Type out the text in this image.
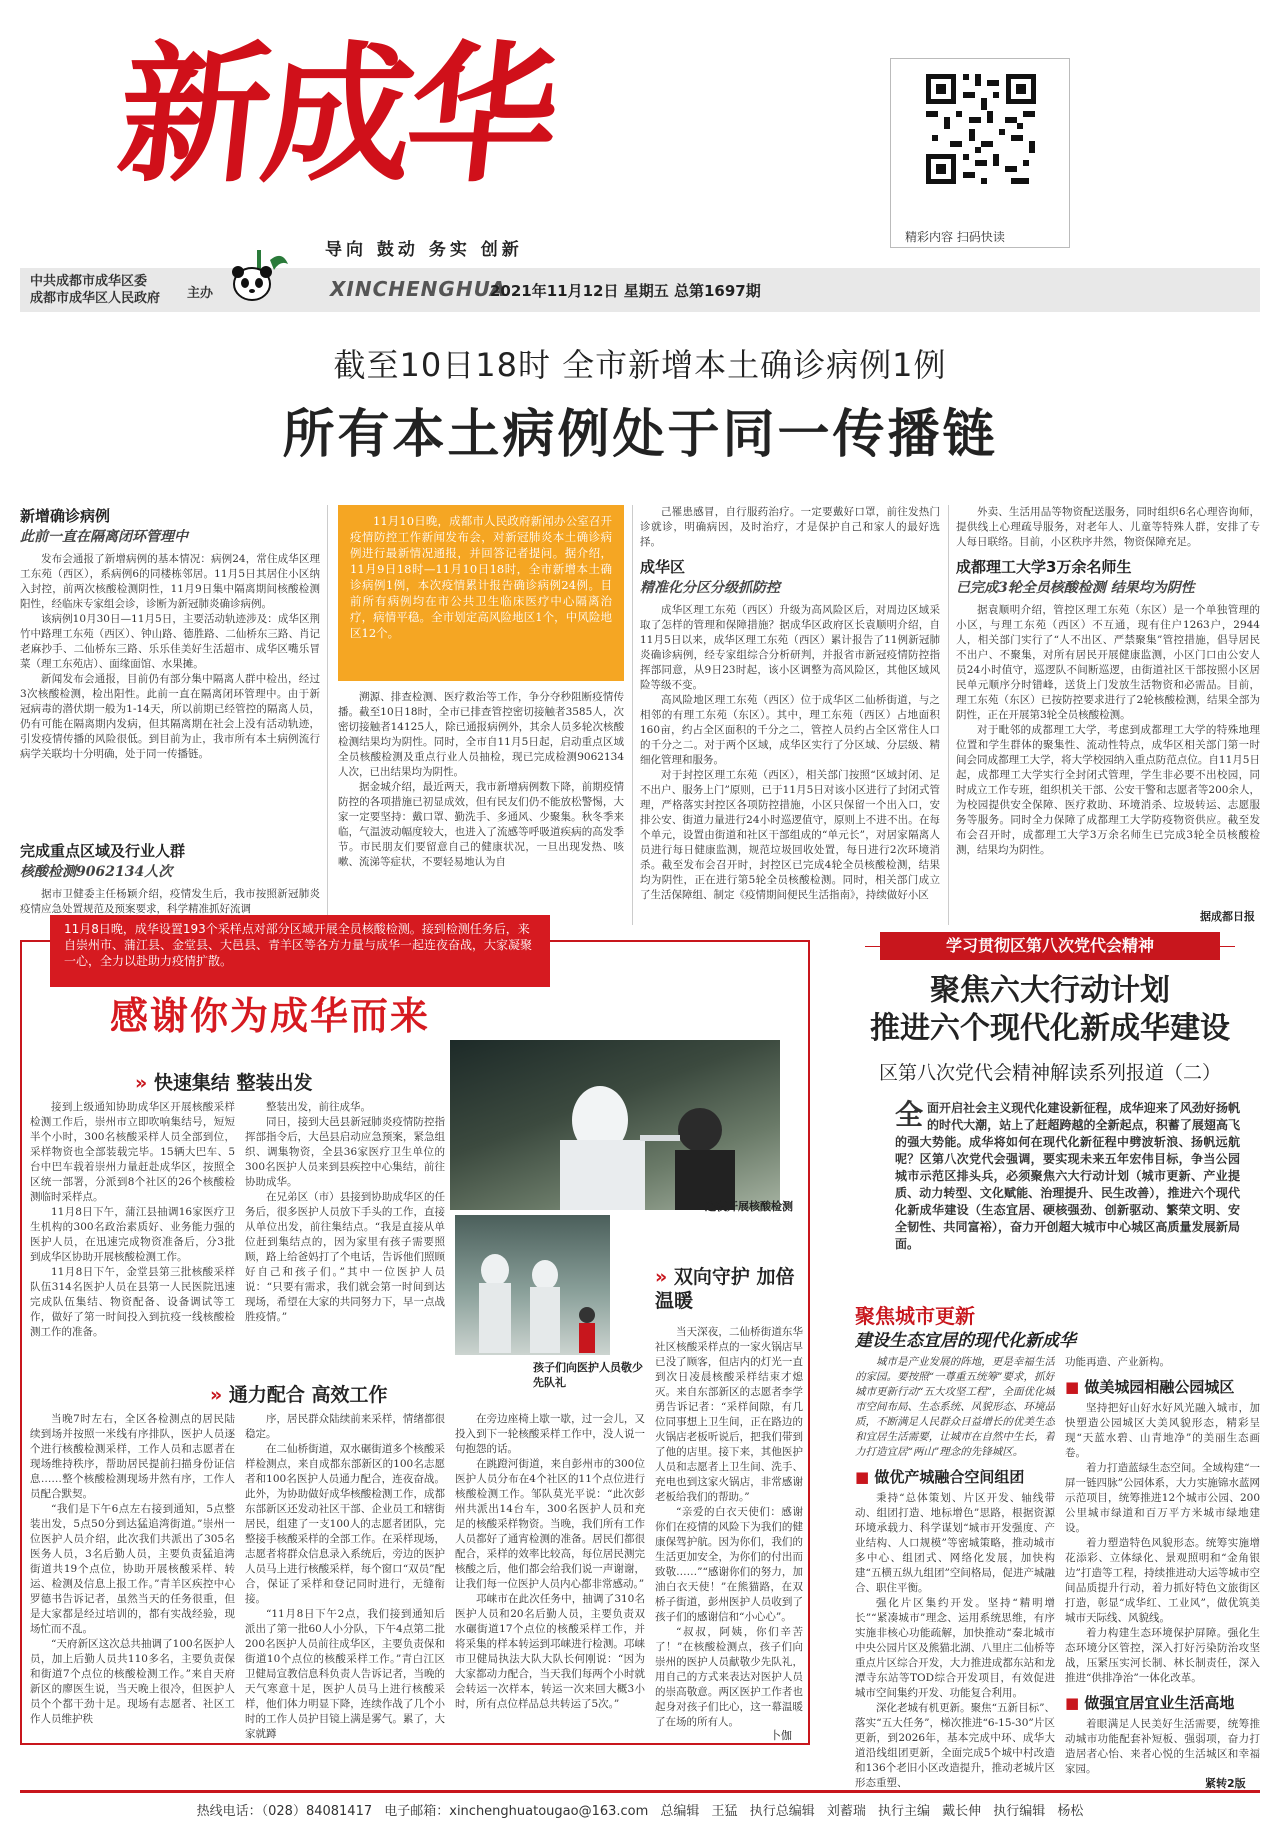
新成华
导向 鼓动 务实 创新
精彩内容 扫码快读
中共成都市成华区委
成都市成华区人民政府 主办	XINCHENGHUA
2021年11月12日 星期五 总第1697期
截至10日18时 全市新增本土确诊病例1例
所有本土病例处于同一传播链
新增确诊病例
此前一直在隔离闭环管理中

发布会通报了新增病例的基本情况：病例24，常住成华区理工东苑（西区），系病例6的同楼栋邻居。11月5日其居住小区纳入封控，前两次核酸检测阴性，11月9日集中隔离期间核酸检测阳性，经临床专家组会诊，诊断为新冠肺炎确诊病例。

该病例10月30日—11月5日，主要活动轨迹涉及：成华区荆竹中路理工东苑（西区）、钟山路、德胜路、二仙桥东三路、肖记老麻抄手、二仙桥东三路、乐乐佳美好生活超市、成华区嘴乐冒菜（理工东苑店）、面缘面馆、水果摊。

新闻发布会通报，目前仍有部分集中隔离人群中检出，经过3次核酸检测，检出阳性。此前一直在隔离闭环管理中。由于新冠病毒的潜伏期一般为1-14天，所以前期已经管控的隔离人员，仍有可能在隔离期内发病，但其隔离期在社会上没有活动轨迹，引发疫情传播的风险很低。到目前为止，我市所有本土病例流行病学关联均十分明确，处于同一传播链。

完成重点区域及行业人群
核酸检测9062134人次

据市卫健委主任杨颖介绍，疫情发生后，我市按照新冠肺炎疫情应急处置规范及预案要求，科学精准抓好流调

11月10日晚，成都市人民政府新闻办公室召开疫情防控工作新闻发布会，对新冠肺炎本土确诊病例进行最新情况通报，并回答记者提问。据介绍，11月9日18时—11月10日18时，全市新增本土确诊病例1例，本次疫情累计报告确诊病例24例。目前所有病例均在市公共卫生临床医疗中心隔离治疗，病情平稳。全市划定高风险地区1个，中风险地区12个。

溯源、排查检测、医疗救治等工作，争分夺秒阻断疫情传播。截至10日18时，全市已排查管控密切接触者3585人，次密切接触者14125人，除已通报病例外，其余人员多轮次核酸检测结果均为阴性。同时，全市自11月5日起，启动重点区域全员核酸检测及重点行业人员抽检，现已完成检测9062134人次，已出结果均为阴性。

据金城介绍，最近两天，我市新增病例数下降，前期疫情防控的各项措施已初显成效，但有民友们仍不能放松警惕，大家一定要坚持：戴口罩、勤洗手、多通风、少聚集。秋冬季来临，气温波动幅度较大，也进入了流感等呼吸道疾病的高发季节。市民朋友们要留意自己的健康状况，一旦出现发热、咳嗽、流涕等症状，不要轻易地认为自

己罹患感冒，自行服药治疗。一定要戴好口罩，前往发热门诊就诊，明确病因，及时治疗，才是保护自己和家人的最好选择。

成华区
精准化分区分级抓防控

成华区理工东苑（西区）升级为高风险区后，对周边区域采取了怎样的管理和保障措施？据成华区政府区长袁顺明介绍，自11月5日以来，成华区理工东苑（西区）累计报告了11例新冠肺炎确诊病例，经专家组综合分析研判，并报省市新冠疫情防控指挥部同意，从9日23时起，该小区调整为高风险区，其他区域风险等级不变。

高风险地区理工东苑（西区）位于成华区二仙桥街道，与之相邻的有理工东苑（东区）。其中，理工东苑（西区）占地面积160亩，约占全区面积的千分之二，管控人员约占全区常住人口的千分之二。对于两个区域，成华区实行了分区域、分层级、精细化管理和服务。

对于封控区理工东苑（西区），相关部门按照“区域封闭、足不出户、服务上门”原则，已于11月5日对该小区进行了封闭式管理，严格落实封控区各项防控措施，小区只保留一个出入口，安排公安、街道力量进行24小时巡逻值守，原则上不进不出。在每个单元，设置由街道和社区干部组成的“单元长”，对居家隔离人员进行每日健康监测，规范垃圾回收处置，每日进行2次环境消杀。截至发布会召开时，封控区已完成4轮全员核酸检测，结果均为阴性，正在进行第5轮全员核酸检测。同时，相关部门成立了生活保障组、制定《疫情期间便民生活指南》，持续做好小区

外卖、生活用品等物资配送服务，同时组织6名心理咨询师，提供线上心理疏导服务，对老年人、儿童等特殊人群，安排了专人每日联络。目前，小区秩序井然，物资保障充足。

成都理工大学3万余名师生
已完成3轮全员核酸检测 结果均为阴性

据袁顺明介绍，管控区理工东苑（东区）是一个单独管理的小区，与理工东苑（西区）不互通，现有住户1263户，2944人，相关部门实行了“人不出区、严禁聚集”管控措施，倡导居民不出户、不聚集，对所有居民开展健康监测，小区门口由公安人员24小时值守，巡逻队不间断巡逻，由街道社区干部按照小区居民单元顺序分时错峰，送货上门发放生活物资和必需品。目前，理工东苑（东区）已按防控要求进行了2轮核酸检测，结果全部为阴性，正在开展第3轮全员核酸检测。

对于毗邻的成都理工大学，考虑到成都理工大学的特殊地理位置和学生群体的聚集性、流动性特点，成华区相关部门第一时间会同成都理工大学，将大学校园纳入重点防范点位。自11月5日起，成都理工大学实行全封闭式管理，学生非必要不出校园，同时成立工作专班，组织机关干部、公安干警和志愿者等200余人，为校园提供安全保障、医疗救助、环境消杀、垃圾转运、志愿服务等服务。同时全力保障了成都理工大学防疫物资供应。截至发布会召开时，成都理工大学3万余名师生已完成3轮全员核酸检测，结果均为阴性。

据成都日报
11月8日晚，成华设置193个采样点对部分区域开展全员核酸检测。接到检测任务后，来自崇州市、蒲江县、金堂县、大邑县、青羊区等各方力量与成华一起连夜奋战，大家凝聚一心，全力以赴助力疫情扩散。
感谢你为成华而来
» 快速集结 整装出发

接到上级通知协助成华区开展核酸采样检测工作后，崇州市立即吹响集结号，短短半个小时，300名核酸采样人员全部到位，采样物资也全部装载完毕。15辆大巴车、5台中巴车载着崇州力量赶赴成华区，按照全区统一部署，分派到8个社区的26个核酸检测临时采样点。

11月8日下午，蒲江县抽调16家医疗卫生机构的300名政治素质好、业务能力强的医护人员，在迅速完成物资准备后，分3批到成华区协助开展核酸检测工作。

11月8日下午，金堂县第三批核酸采样队伍314名医护人员在县第一人民医院迅速完成队伍集结、物资配备、设备调试等工作，做好了第一时间投入到抗疫一线核酸检测工作的准备。

整装出发，前往成华。

同日，接到大邑县新冠肺炎疫情防控指挥部指令后，大邑县启动应急预案，紧急组织、调集物资，全县36家医疗卫生单位的300名医护人员来到县疾控中心集结，前往协助成华。

在兄弟区（市）县接到协助成华区的任务后，很多医护人员放下手头的工作，直接从单位出发，前往集结点。“我是直接从单位赶到集结点的，因为家里有孩子需要照顾，路上给爸妈打了个电话，告诉他们照顾好自己和孩子们。”其中一位医护人员说：“只要有需求，我们就会第一时间到达现场，希望在大家的共同努力下，早一点战胜疫情。”

连夜开展核酸检测
孩子们向医护人员敬少先队礼
» 通力配合 高效工作

当晚7时左右，全区各检测点的居民陆续到场并按照一米线有序排队，医护人员逐个进行核酸检测采样，工作人员和志愿者在现场维持秩序，帮助居民提前扫描身份证信息……整个核酸检测现场井然有序，工作人员配合默契。

“我们是下午6点左右接到通知，5点整装出发，5点50分到达猛追湾街道。”崇州一位医护人员介绍，此次我们共派出了305名医务人员，3名后勤人员，主要负责猛追湾街道共19个点位，协助开展核酸采样、转运、检测及信息上报工作。”青羊区疾控中心罗德书告诉记者，虽然当天的任务很重，但是大家都是经过培训的，都有实战经验，现场忙而不乱。

“天府新区这次总共抽调了100名医护人员，加上后勤人员共110多名，主要负责保和街道7个点位的核酸检测工作。”来自天府新区的廖医生说，当天晚上很冷，但医护人员个个都干劲十足。现场有志愿者、社区工作人员维护秩

序，居民群众陆续前来采样，情绪都很稳定。

在二仙桥街道，双水碾街道多个核酸采样检测点，来自成都东部新区的100名志愿者和100名医护人员通力配合，连夜奋战。此外，为协助做好成华核酸检测工作，成都东部新区还发动社区干部、企业员工和辖街居民，组建了一支100人的志愿者团队，完整接手核酸采样的全部工作。在采样现场，志愿者将群众信息录入系统后，旁边的医护人员马上进行核酸采样，每个窗口“双员”配合，保证了采样和登记同时进行，无缝衔接。

“11月8日下午2点，我们接到通知后派出了第一批60人小分队，下午4点第二批200名医护人员前往成华区，主要负责保和街道10个点位的核酸采样工作。”青白江区卫健局宣教信息科负责人告诉记者，当晚的天气寒意十足，医护人员马上进行核酸采样，他们体力明显下降，连续作战了几个小时的工作人员护目镜上满是雾气。累了，大家就蹲

在旁边座椅上歇一歇，过一会儿，又投入到下一轮核酸采样工作中，没人说一句抱怨的话。

在跳蹬河街道，来自彭州市的300位医护人员分布在4个社区的11个点位进行核酸检测工作。邹队莫光平说：“此次彭州共派出14台车，300名医护人员和充足的核酸采样物资。当晚，我们所有工作人员都好了通宵检测的准备。居民们都很配合，采样的效率比较高，每位居民测完核酸之后，他们都会给我们说一声谢谢，让我们每一位医护人员内心都非常感动。”

邛崃市在此次任务中，抽调了310名医护人员和20名后勤人员，主要负责双水碾街道17个点位的核酸采样工作，并将采集的样本转运到邛崃进行检测。邛崃市卫健局执法大队大队长何刚说：“因为大家都动力配合，当天我们每两个小时就会转运一次样本，转运一次来回大概3小时，所有点位样品总共转运了5次。”

» 双向守护 加倍温暖

当天深夜，二仙桥街道东华社区核酸采样点的一家火锅店早已没了顾客，但店内的灯光一直到次日凌晨核酸采样结束才熄灭。来自东部新区的志愿者李学勇告诉记者：“采样间隙，有几位同事想上卫生间，正在路边的火锅店老板听说后，把我们带到了他的店里。接下来，其他医护人员和志愿者上卫生间、洗手、充电也到这家火锅店，非常感谢老板给我们的帮助。”

“亲爱的白衣天使们：感谢你们在疫情的风险下为我们的健康保驾护航。因为你们，我们的生活更加安全，为你们的付出而致敬……”“感谢你们的努力，加油白衣天使！”在熊猫路，在双桥子街道，彭州医护人员收到了孩子们的感谢信和“小心心”。

“叔叔，阿姨，你们辛苦了！”在核酸检测点，孩子们向崇州的医护人员献敬少先队礼，用自己的方式来表达对医护人员的崇高敬意。两区医护工作者也起身对孩子们比心，这一幕温暖了在场的所有人。

卜伽
学习贯彻区第八次党代会精神
聚焦六大行动计划
推进六个现代化新成华建设
区第八次党代会精神解读系列报道（二）

全面开启社会主义现代化建设新征程，成华迎来了风劲好扬帆的时代大潮，站上了赶超跨越的全新起点，积蓄了展翅高飞的强大势能。成华将如何在现代化新征程中劈波斩浪、扬帆远航呢？区第八次党代会强调，要实现未来五年宏伟目标，争当公园城市示范区排头兵，必须聚焦六大行动计划（城市更新、产业提质、动力转型、文化赋能、治理提升、民生改善），推进六个现代化新成华建设（生态宜居、硬核强劲、创新驱动、繁荣文明、安全韧性、共同富裕），奋力开创超大城市中心城区高质量发展新局面。

聚焦城市更新
建设生态宜居的现代化新成华

城市是产业发展的阵地，更是幸福生活的家园。要按照“一尊重五统筹”要求，抓好城市更新行动“五大攻坚工程”，全面优化城市空间布局、生态系统、风貌形态、环境品质，不断满足人民群众日益增长的优美生态和宜居生活需要，让城市在自然中生长，着力打造宜居“两山”理念的先锋城区。

■ 做优产城融合空间组团

秉持“总体策划、片区开发、轴线带动、组团打造、地标增色”思路，根据资源环境承载力、科学谋划“城市开发强度、产业结构、人口规模”等密城策略，推动城市多中心、组团式、网络化发展，加快构建“五横五纵九组团”空间格局，促进产城融合、职住平衡。

强化片区集约开发。坚持“精明增长”“紧凑城市”理念、运用系统思维，有序实施非核心功能疏解，加快推动“秦北城市中央公园片区及熊猫北湖、八里庄二仙桥等重点片区综合开发，大力推进成都东站和龙潭寺东站等TOD综合开发项目，有效促进城市空间集约开发、功能复合利用。

深化老城有机更新。聚焦“五新目标”、落实“五大任务”，梯次推进“6-15-30”片区更新，到2026年，基本完成中环、成华大道沿线组团更新，全面完成5个城中村改造和136个老旧小区改造提升，推动老城片区形态重塑、

功能再造、产业新构。

■ 做美城园相融公园城区

坚持把好山好水好风光融入城市，加快塑造公园城区大美风貌形态，精彩呈现“天蓝水碧、山青地净”的美丽生态画卷。

着力打造蓝绿生态空间。全域构建“一屏一链四脉”公园体系，大力实施锦水蓝网示范项目，统筹推进12个城市公园、200公里城市绿道和百万平方米城市绿地建设。

着力塑造特色风貌形态。统筹实施增花添彩、立体绿化、景观照明和“金角银边”打造等工程，持续推进动大运等城市空间品质提升行动，着力抓好特色文旅街区打造，彰显“成华红、工业风”，做优筑美城市天际线、风貌线。

着力构建生态环境保护屏障。强化生态环境分区管控，深入打好污染防治攻坚战，压紧压实河长制、林长制责任，深入推进“供排净治”一体化改革。

■ 做强宜居宜业生活高地

着眼满足人民美好生活需要，统筹推动城市功能配套补短板、强弱项，奋力打造居者心怡、来者心悦的生活城区和幸福家园。

紧转2版
热线电话：（028）84081417 电子邮箱：xinchenghuatougao@163.com 总编辑 王猛 执行总编辑 刘蓄瑞 执行主编 戴长伸 执行编辑 杨松
